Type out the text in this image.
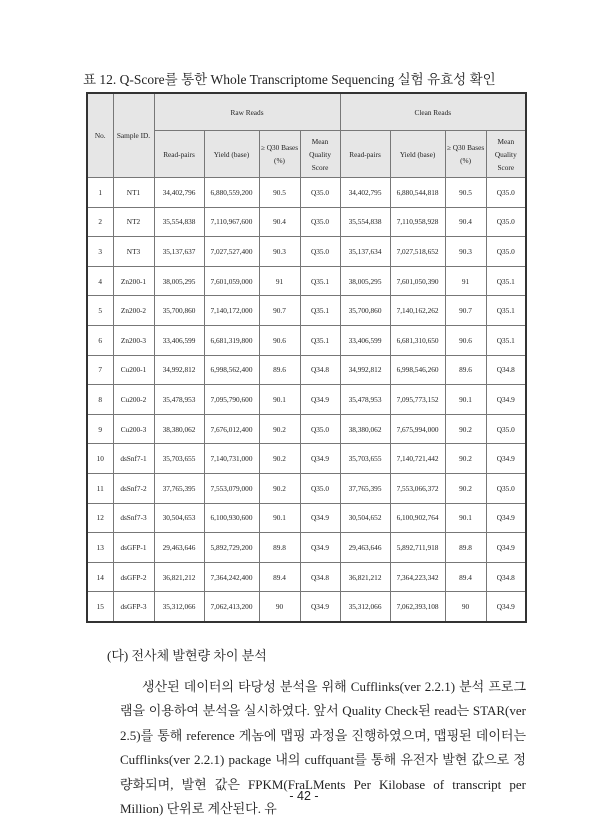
표 12. Q-Score를 통한 Whole Transcriptome Sequencing 실험 유효성 확인
No.	Sample ID.	Raw Reads				Clean Reads			
		Read-pairs	Yield (base)	≥ Q30 Bases (%)	Mean Quality Score	Read-pairs	Yield (base)	≥ Q30 Bases (%)	Mean Quality Score
1	NT1	34,402,796	6,880,559,200	90.5	Q35.0	34,402,795	6,880,544,818	90.5	Q35.0
2	NT2	35,554,838	7,110,967,600	90.4	Q35.0	35,554,838	7,110,958,928	90.4	Q35.0
3	NT3	35,137,637	7,027,527,400	90.3	Q35.0	35,137,634	7,027,518,652	90.3	Q35.0
4	Zn200-1	38,005,295	7,601,059,000	91	Q35.1	38,005,295	7,601,050,390	91	Q35.1
5	Zn200-2	35,700,860	7,140,172,000	90.7	Q35.1	35,700,860	7,140,162,262	90.7	Q35.1
6	Zn200-3	33,406,599	6,681,319,800	90.6	Q35.1	33,406,599	6,681,310,650	90.6	Q35.1
7	Cu200-1	34,992,812	6,998,562,400	89.6	Q34.8	34,992,812	6,998,546,260	89.6	Q34.8
8	Cu200-2	35,478,953	7,095,790,600	90.1	Q34.9	35,478,953	7,095,773,152	90.1	Q34.9
9	Cu200-3	38,380,062	7,676,012,400	90.2	Q35.0	38,380,062	7,675,994,000	90.2	Q35.0
10	dsSnf7-1	35,703,655	7,140,731,000	90.2	Q34.9	35,703,655	7,140,721,442	90.2	Q34.9
11	dsSnf7-2	37,765,395	7,553,079,000	90.2	Q35.0	37,765,395	7,553,066,372	90.2	Q35.0
12	dsSnf7-3	30,504,653	6,100,930,600	90.1	Q34.9	30,504,652	6,100,902,764	90.1	Q34.9
13	dsGFP-1	29,463,646	5,892,729,200	89.8	Q34.9	29,463,646	5,892,711,918	89.8	Q34.9
14	dsGFP-2	36,821,212	7,364,242,400	89.4	Q34.8	36,821,212	7,364,223,342	89.4	Q34.8
15	dsGFP-3	35,312,066	7,062,413,200	90	Q34.9	35,312,066	7,062,393,108	90	Q34.9
(다) 전사체 발현량 차이 분석

생산된 데이터의 타당성 분석을 위해 Cufflinks(ver 2.2.1) 분석 프로그램을 이용하여 분석을 실시하였다. 앞서 Quality Check된 read는 STAR(ver 2.5)를 통해 reference 게놈에 맵핑 과정을 진행하였으며, 맵핑된 데이터는 Cufflinks(ver 2.2.1) package 내의 cuffquant를 통해 유전자 발현 값으로 정량화되며, 발현 값은 FPKM(FraLMents Per Kilobase of transcript per Million) 단위로 계산된다. 유

- 42 -
